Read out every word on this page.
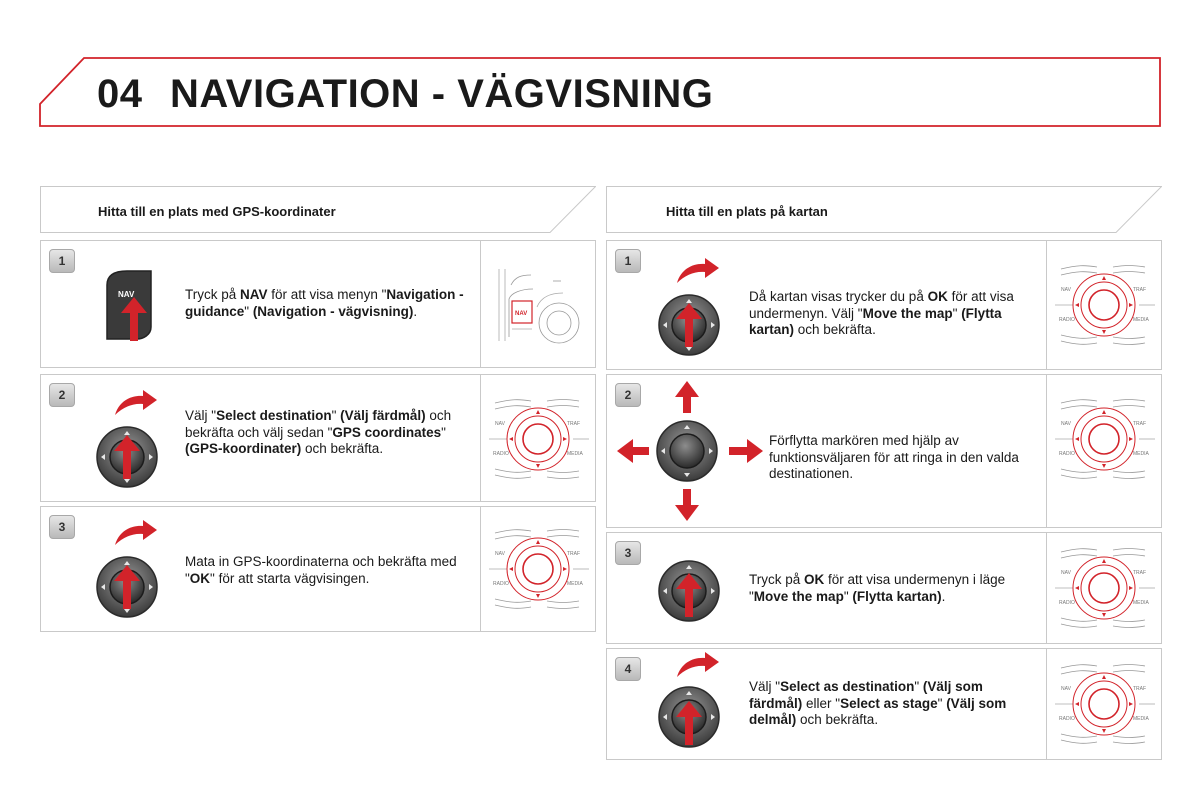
04 NAVIGATION - VÄGVISNING
Hitta till en plats med GPS-koordinater
1
NAV	Tryck på NAV för att visa menyn "Navigation - guidance" (Navigation - vägvisning).	NAV
2
Välj "Select destination" (Välj färdmål) och bekräfta och välj sedan "GPS coordinates" (GPS-koordinater) och bekräfta.
NAV	TRAF
RADIO	MEDIA
3
Mata in GPS-koordinaterna och bekräfta med "OK" för att starta vägvisingen.
NAV	TRAF
RADIO	MEDIA
Hitta till en plats på kartan
1
Då kartan visas trycker du på OK för att visa undermenyn. Välj "Move the map" (Flytta kartan) och bekräfta.
NAV	TRAF
RADIO	MEDIA
2
Förflytta markören med hjälp av funktionsväljaren för att ringa in den valda destinationen.
NAV	TRAF
RADIO	MEDIA
3
Tryck på OK för att visa undermenyn i läge "Move the map" (Flytta kartan).
NAV	TRAF
RADIO	MEDIA
4
Välj "Select as destination" (Välj som färdmål) eller "Select as stage" (Välj som delmål) och bekräfta.
NAV	TRAF
RADIO	MEDIA
